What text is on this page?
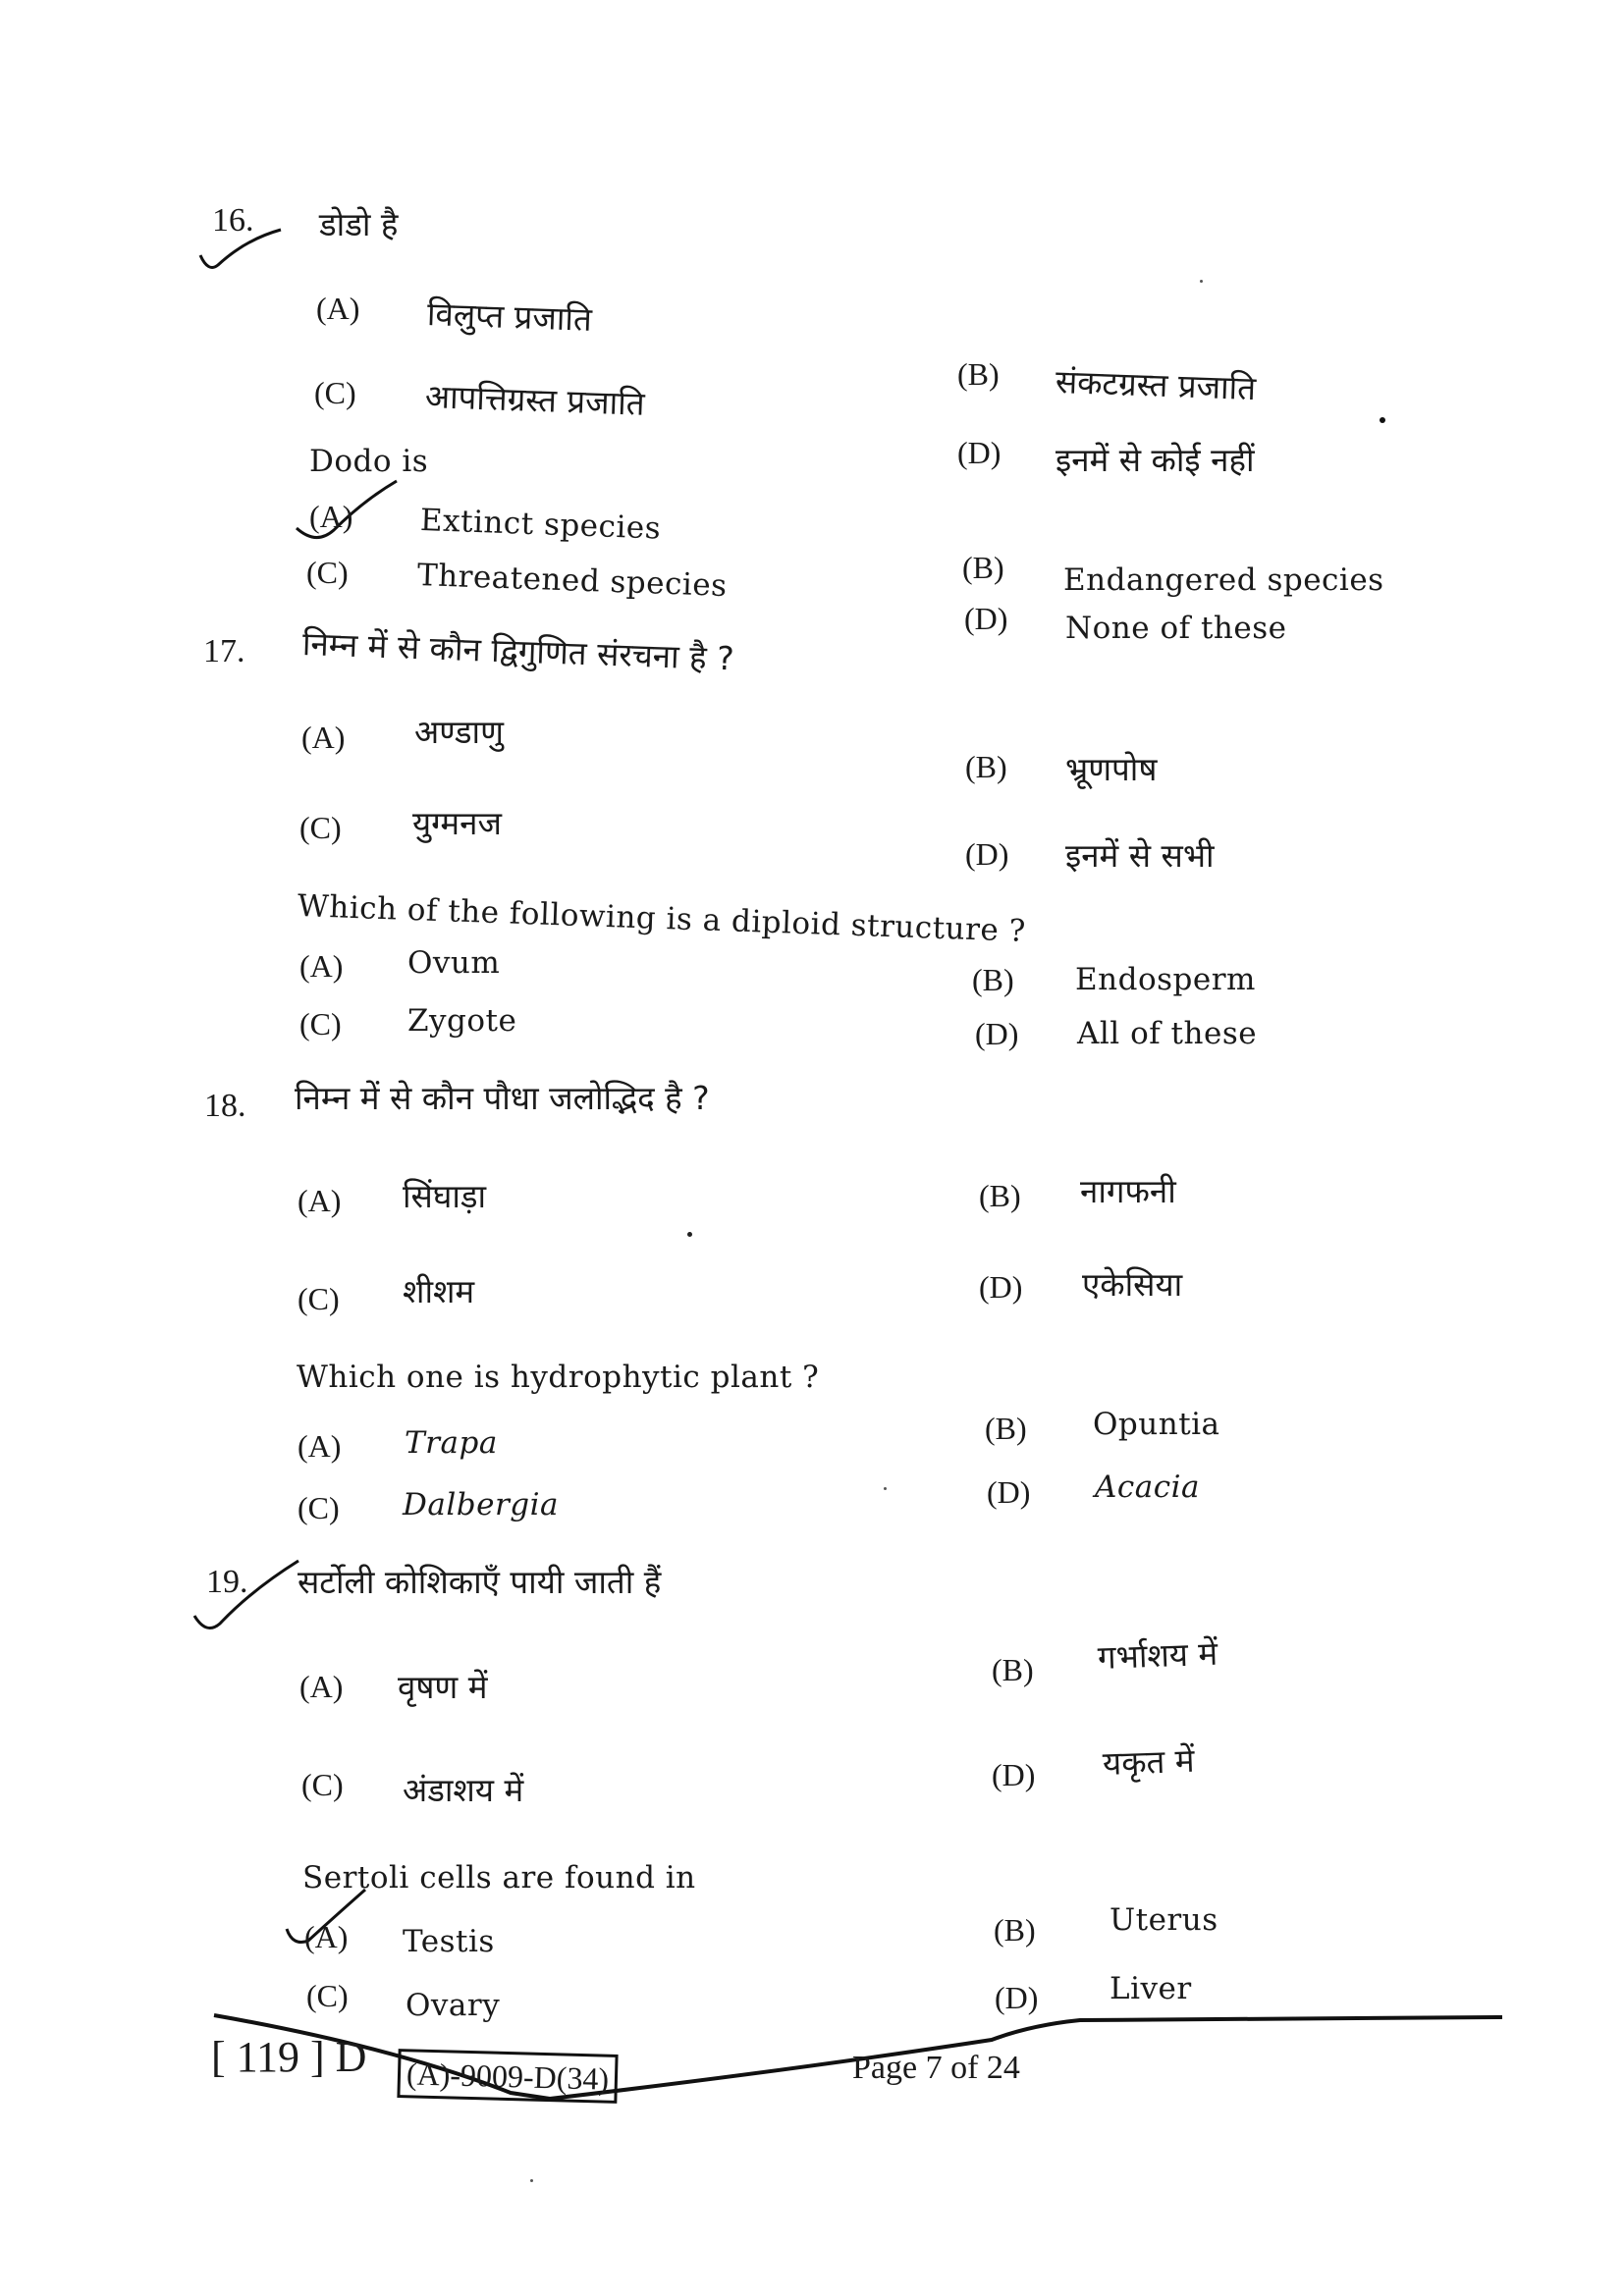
16. डोडो है
(A) विलुप्त प्रजाति
(B) संकटग्रस्त प्रजाति
(C) आपत्तिग्रस्त प्रजाति
(D) इनमें से कोई नहीं
Dodo is
(A) Extinct species
(C) Threatened species	(B) Endangered species
(D) None of these
17. निम्न में से कौन द्विगुणित संरचना है ?
(A) अण्डाणु
(B) भ्रूणपोष
(C) युग्मनज
(D) इनमें से सभी
Which of the following is a diploid structure ?
(A) Ovum	(B) Endosperm
(C) Zygote	(D) All of these
18. निम्न में से कौन पौधा जलोद्भिद है ?
(A) सिंघाड़ा	(B) नागफनी
(C) शीशम	(D) एकेसिया
Which one is hydrophytic plant ?
(A) Trapa	(B) Opuntia
(C) Dalbergia	(D) Acacia
19. सर्टोली कोशिकाएँ पायी जाती हैं
(A) वृषण में	(B) गर्भाशय में
(C) अंडाशय में	(D) यकृत में
Sertoli cells are found in
(A) Testis	(B) Uterus
(C) Ovary	(D) Liver
[ 119 ] D (A)-9009-D(34)	Page 7 of 24
